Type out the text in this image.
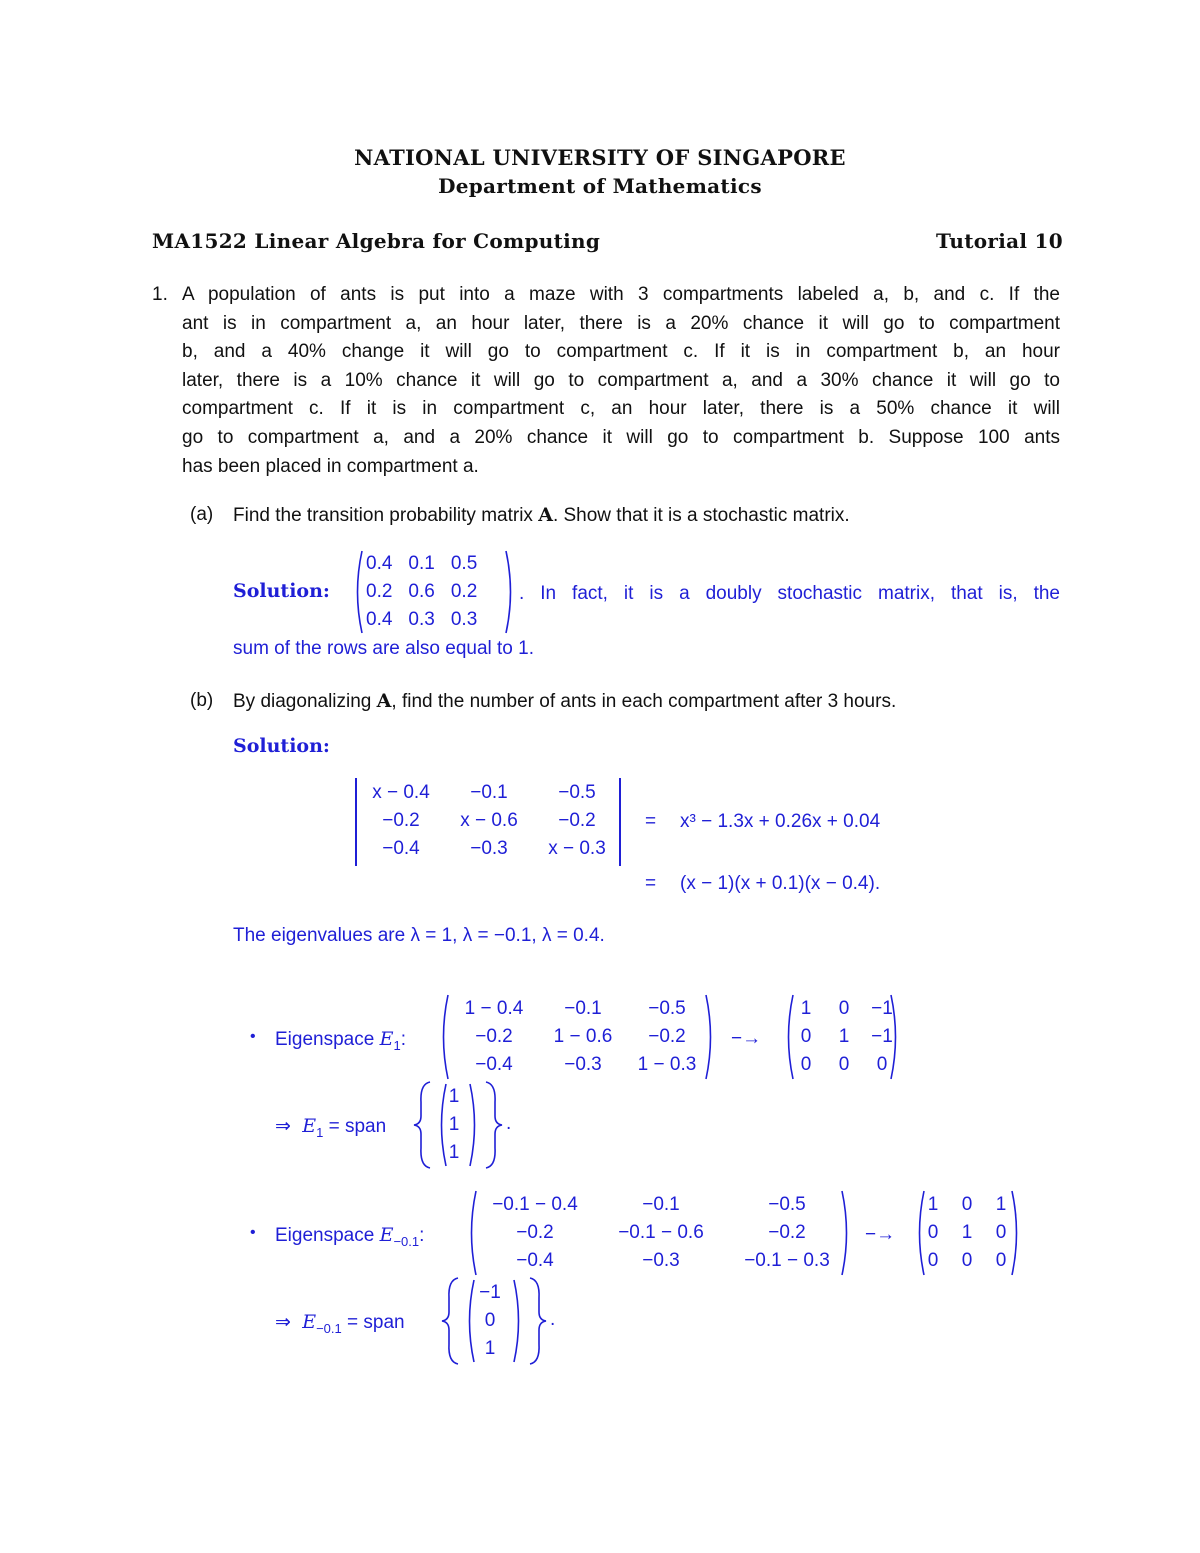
NATIONAL UNIVERSITY OF SINGAPORE
Department of Mathematics
MA1522 Linear Algebra for Computing	Tutorial 10
1. A population of ants is put into a maze with 3 compartments labeled a, b, and c. If the
ant is in compartment a, an hour later, there is a 20% chance it will go to compartment
b, and a 40% change it will go to compartment c. If it is in compartment b, an hour
later, there is a 10% chance it will go to compartment a, and a 30% chance it will go to
compartment c. If it is in compartment c, an hour later, there is a 50% chance it will
go to compartment a, and a 20% chance it will go to compartment b. Suppose 100 ants
has been placed in compartment a.
(a) Find the transition probability matrix A. Show that it is a stochastic matrix.
Solution:
0.4	0.1	0.5
0.2	0.6	0.2
0.4	0.3	0.3
. In fact, it is a doubly stochastic matrix, that is, the
sum of the rows are also equal to 1.
(b) By diagonalizing A, find the number of ants in each compartment after 3 hours.
Solution:
x − 0.4	−0.1	−0.5
−0.2	x − 0.6	−0.2
−0.4	−0.3	x − 0.3
= x³ − 1.3x + 0.26x + 0.04
= (x − 1)(x + 0.1)(x − 0.4).
The eigenvalues are λ = 1, λ = −0.1, λ = 0.4.
• Eigenspace $E_1$:
1 − 0.4	−0.1	−0.5
−0.2	1 − 0.6	−0.2
−0.4	−0.3	1 − 0.3
−→
1	0	−1
0	1	−1
0	0	0
⇒ $E_1$ = span
1
1
1
.
• Eigenspace $E_{-0.1}$:
−0.1 − 0.4	−0.1	−0.5
−0.2	−0.1 − 0.6	−0.2
−0.4	−0.3	−0.1 − 0.3
−→
1	0	1
0	1	0
0	0	0
⇒ $E_{-0.1}$ = span
−1
0
1
.
